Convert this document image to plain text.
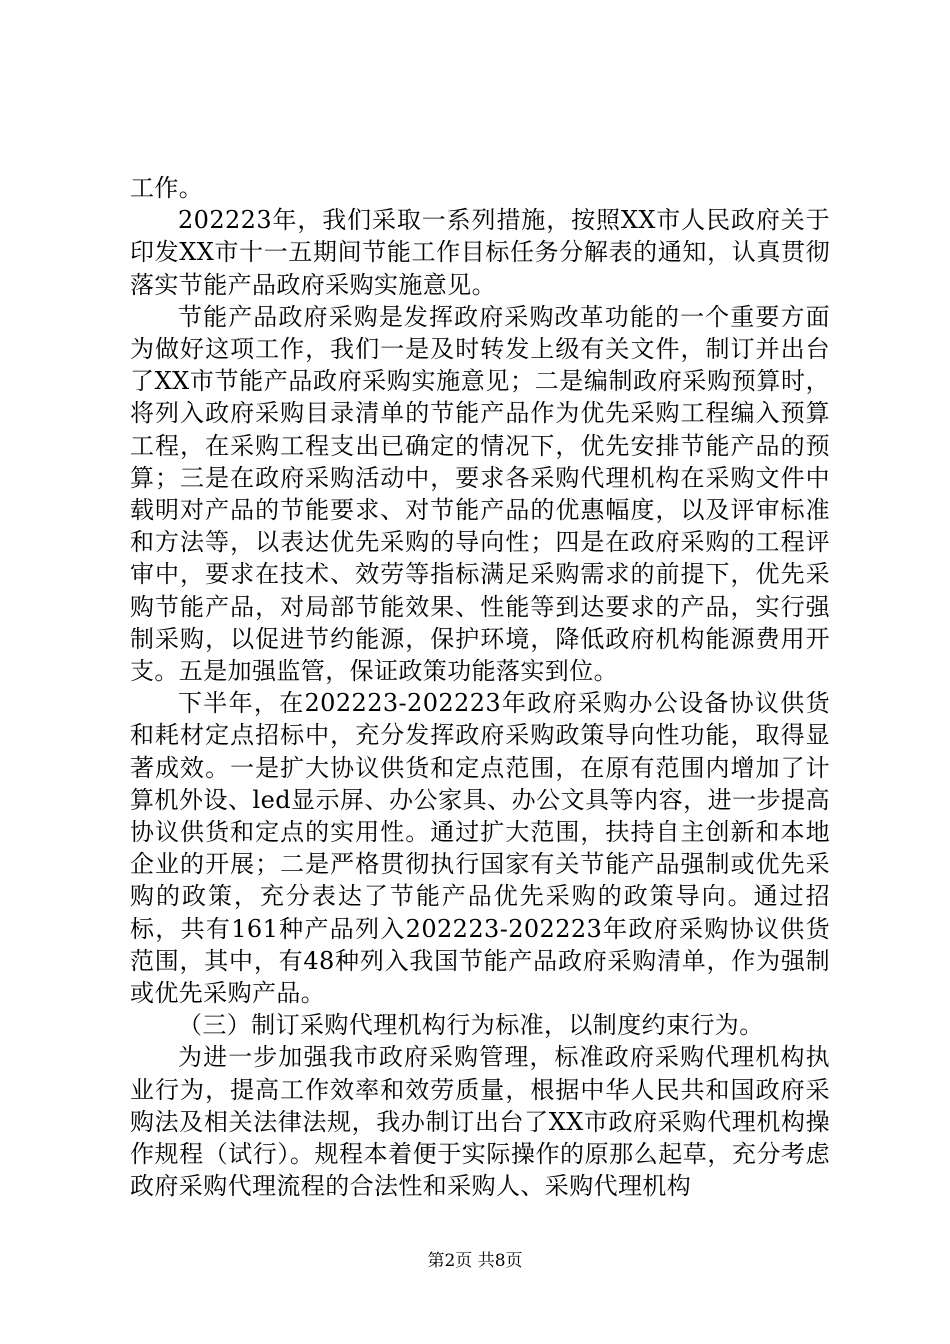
工作。

202223年，我们采取一系列措施，按照XX市人民政府关于印发XX市十一五期间节能工作目标任务分解表的通知，认真贯彻落实节能产品政府采购实施意见。

节能产品政府采购是发挥政府采购改革功能的一个重要方面为做好这项工作，我们一是及时转发上级有关文件，制订并出台了XX市节能产品政府采购实施意见；二是编制政府采购预算时，将列入政府采购目录清单的节能产品作为优先采购工程编入预算工程，在采购工程支出已确定的情况下，优先安排节能产品的预算；三是在政府采购活动中，要求各采购代理机构在采购文件中载明对产品的节能要求、对节能产品的优惠幅度，以及评审标准和方法等，以表达优先采购的导向性；四是在政府采购的工程评审中，要求在技术、效劳等指标满足采购需求的前提下，优先采购节能产品，对局部节能效果、性能等到达要求的产品，实行强制采购，以促进节约能源，保护环境，降低政府机构能源费用开支。五是加强监管，保证政策功能落实到位。

下半年，在202223-202223年政府采购办公设备协议供货和耗材定点招标中，充分发挥政府采购政策导向性功能，取得显著成效。一是扩大协议供货和定点范围，在原有范围内增加了计算机外设、led显示屏、办公家具、办公文具等内容，进一步提高协议供货和定点的实用性。通过扩大范围，扶持自主创新和本地企业的开展；二是严格贯彻执行国家有关节能产品强制或优先采购的政策，充分表达了节能产品优先采购的政策导向。通过招标，共有161种产品列入202223-202223年政府采购协议供货范围，其中，有48种列入我国节能产品政府采购清单，作为强制或优先采购产品。

（三）制订采购代理机构行为标准，以制度约束行为。

为进一步加强我市政府采购管理，标准政府采购代理机构执业行为，提高工作效率和效劳质量，根据中华人民共和国政府采购法及相关法律法规，我办制订出台了XX市政府采购代理机构操作规程（试行）。规程本着便于实际操作的原那么起草，充分考虑政府采购代理流程的合法性和采购人、采购代理机构

第2页 共8页
